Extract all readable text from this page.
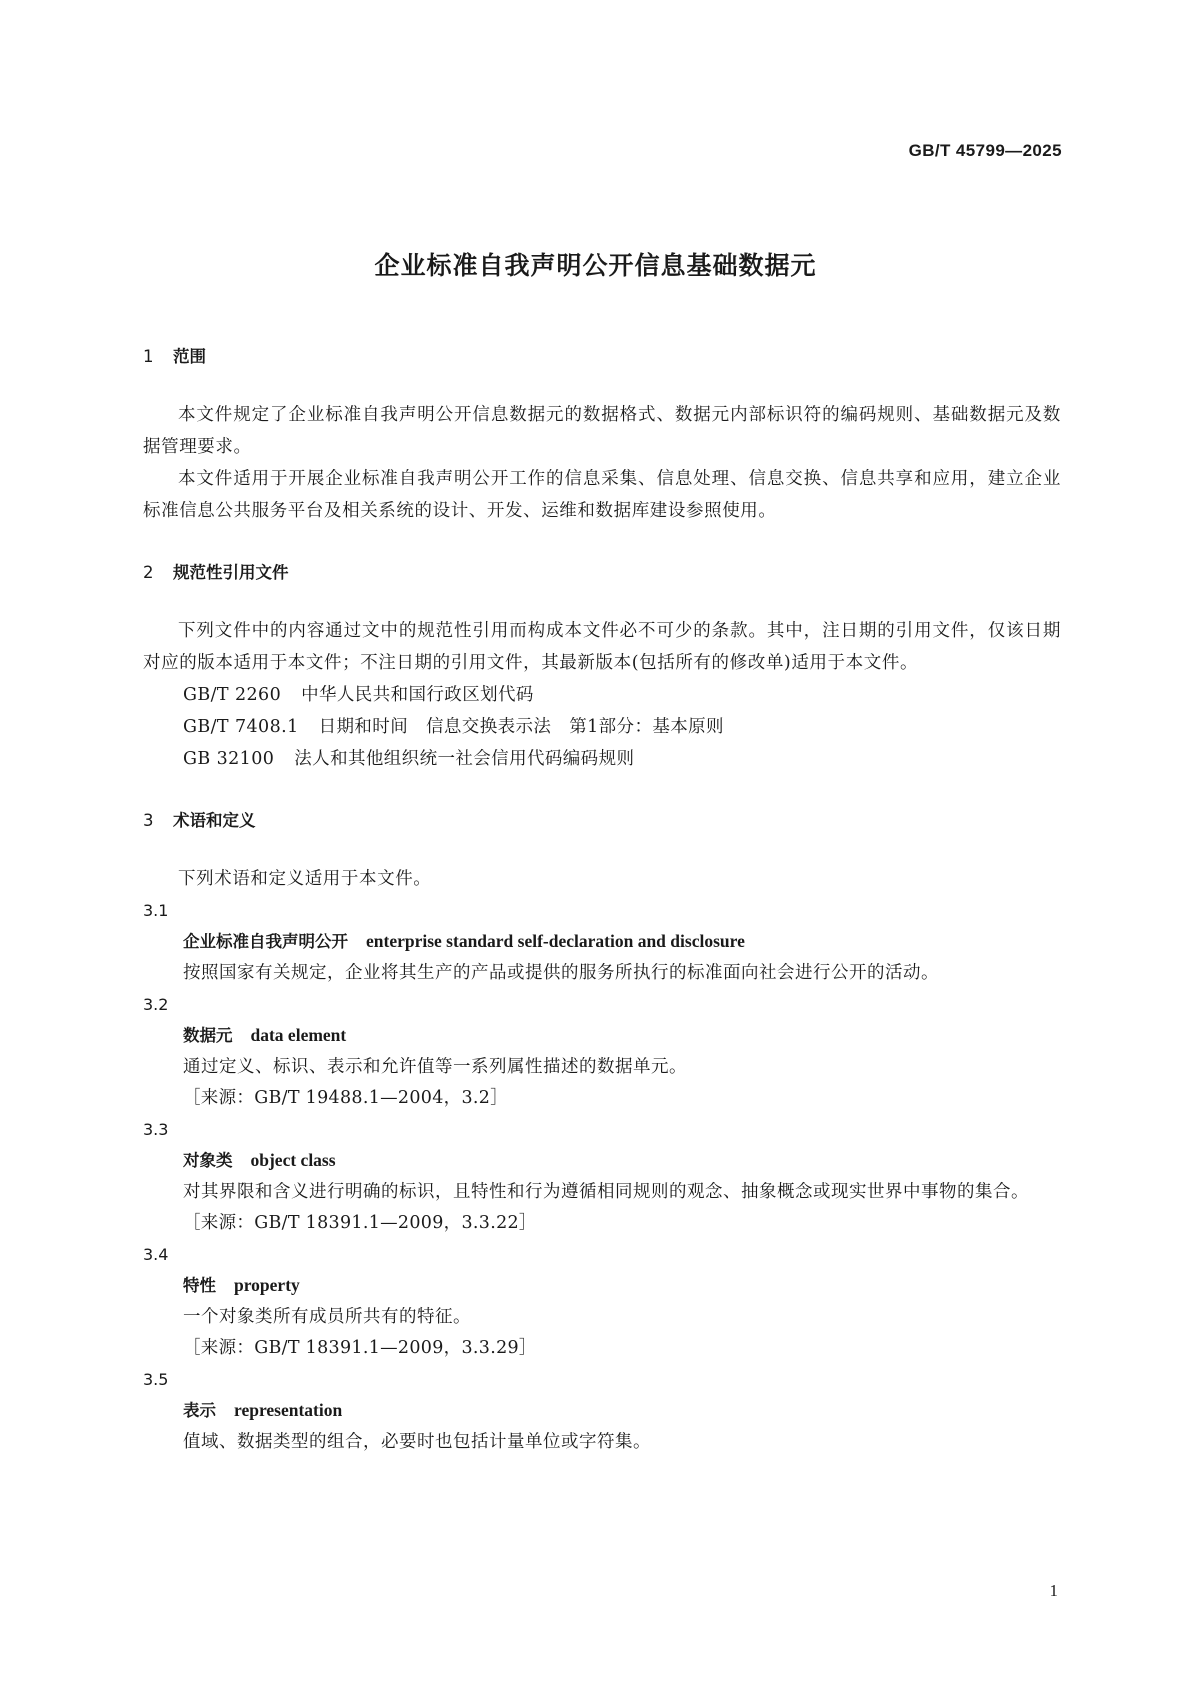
GB/T 45799—2025
企业标准自我声明公开信息基础数据元
1	范围

本文件规定了企业标准自我声明公开信息数据元的数据格式、数据元内部标识符的编码规则、基础数据元及数据管理要求。

本文件适用于开展企业标准自我声明公开工作的信息采集、信息处理、信息交换、信息共享和应用，建立企业标准信息公共服务平台及相关系统的设计、开发、运维和数据库建设参照使用。

2	规范性引用文件

下列文件中的内容通过文中的规范性引用而构成本文件必不可少的条款。其中，注日期的引用文件，仅该日期对应的版本适用于本文件；不注日期的引用文件，其最新版本(包括所有的修改单)适用于本文件。

GB/T 2260 中华人民共和国行政区划代码

GB/T 7408.1 日期和时间　信息交换表示法　第1部分：基本原则

GB 32100 法人和其他组织统一社会信用代码编码规则

3	术语和定义

下列术语和定义适用于本文件。

3.1

企业标准自我声明公开 enterprise standard self-declaration and disclosure

按照国家有关规定，企业将其生产的产品或提供的服务所执行的标准面向社会进行公开的活动。

3.2

数据元 data element

通过定义、标识、表示和允许值等一系列属性描述的数据单元。

［来源：GB/T 19488.1—2004，3.2］

3.3

对象类 object class

对其界限和含义进行明确的标识，且特性和行为遵循相同规则的观念、抽象概念或现实世界中事物的集合。

［来源：GB/T 18391.1—2009，3.3.22］

3.4

特性 property

一个对象类所有成员所共有的特征。

［来源：GB/T 18391.1—2009，3.3.29］

3.5

表示 representation

值域、数据类型的组合，必要时也包括计量单位或字符集。

1
